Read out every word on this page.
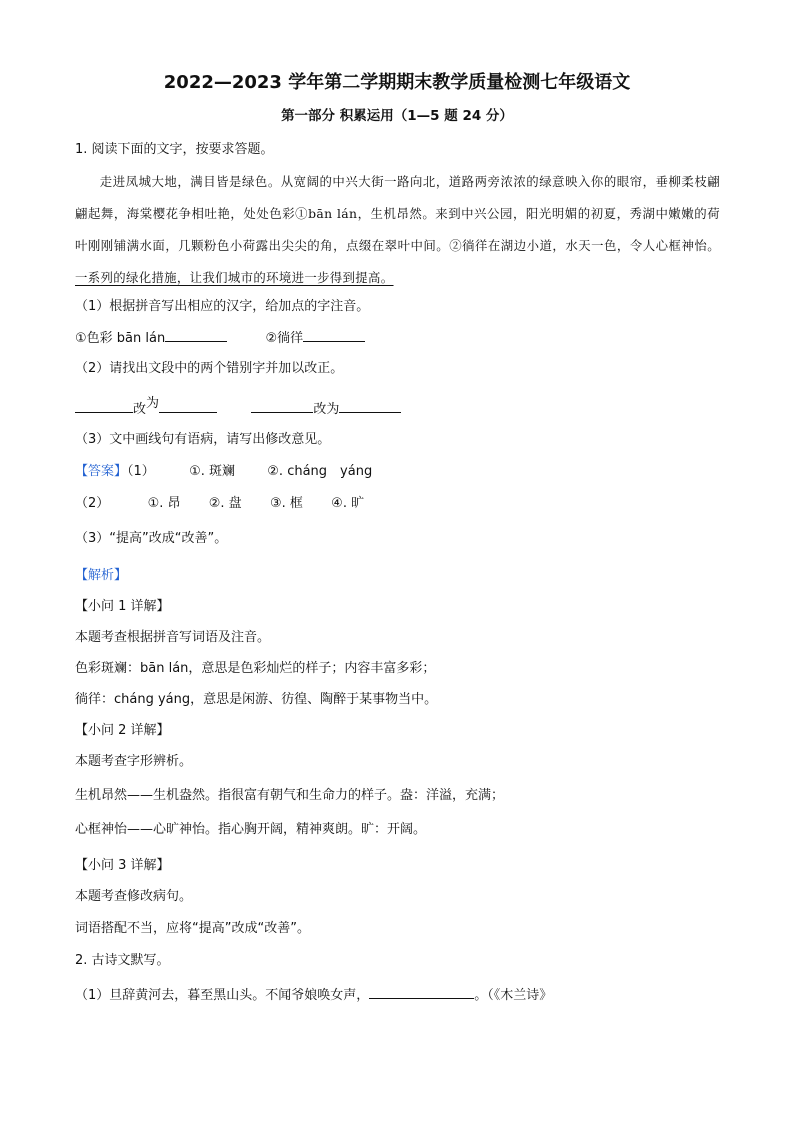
2022—2023 学年第二学期期末教学质量检测七年级语文
第一部分 积累运用（1—5 题 24 分）
1. 阅读下面的文字，按要求答题。
走进凤城大地，满目皆是绿色。从宽阔的中兴大街一路向北，道路两旁浓浓的绿意映入你的眼帘，垂柳柔枝翩翩起舞，海棠樱花争相吐艳，处处色彩①bān lán，生机昂然。来到中兴公园，阳光明媚的初夏，秀湖中嫩嫩的荷叶刚刚铺满水面，几颗粉色小荷露出尖尖的角，点缀在翠叶中间。②徜徉在湖边小道，水天一色，令人心框神怡。一系列的绿化措施，让我们城市的环境进一步得到提高。
（1）根据拼音写出相应的汉字，给加点的字注音。
①色彩 bān lán	②徜徉
（2）请找出文段中的两个错别字并加以改正。
改为	改为
（3）文中画线句有语病，请写出修改意见。
【答案】（1）	①. 斑斓 ②. cháng　yáng
（2）	①. 昂 ②. 盘 ③. 框 ④. 旷
（3）“提高”改成“改善”。
【解析】
【小问 1 详解】
本题考查根据拼音写词语及注音。
色彩斑斓：bān lán，意思是色彩灿烂的样子；内容丰富多彩；
徜徉：cháng yáng，意思是闲游、彷徨、陶醉于某事物当中。
【小问 2 详解】
本题考查字形辨析。
生机昂然——生机盎然。指很富有朝气和生命力的样子。盎：洋溢，充满；
心框神怡——心旷神怡。指心胸开阔，精神爽朗。旷：开阔。
【小问 3 详解】
本题考查修改病句。
词语搭配不当，应将“提高”改成“改善”。
2. 古诗文默写。
（1）旦辞黄河去，暮至黑山头。不闻爷娘唤女声，	。（《木兰诗》
